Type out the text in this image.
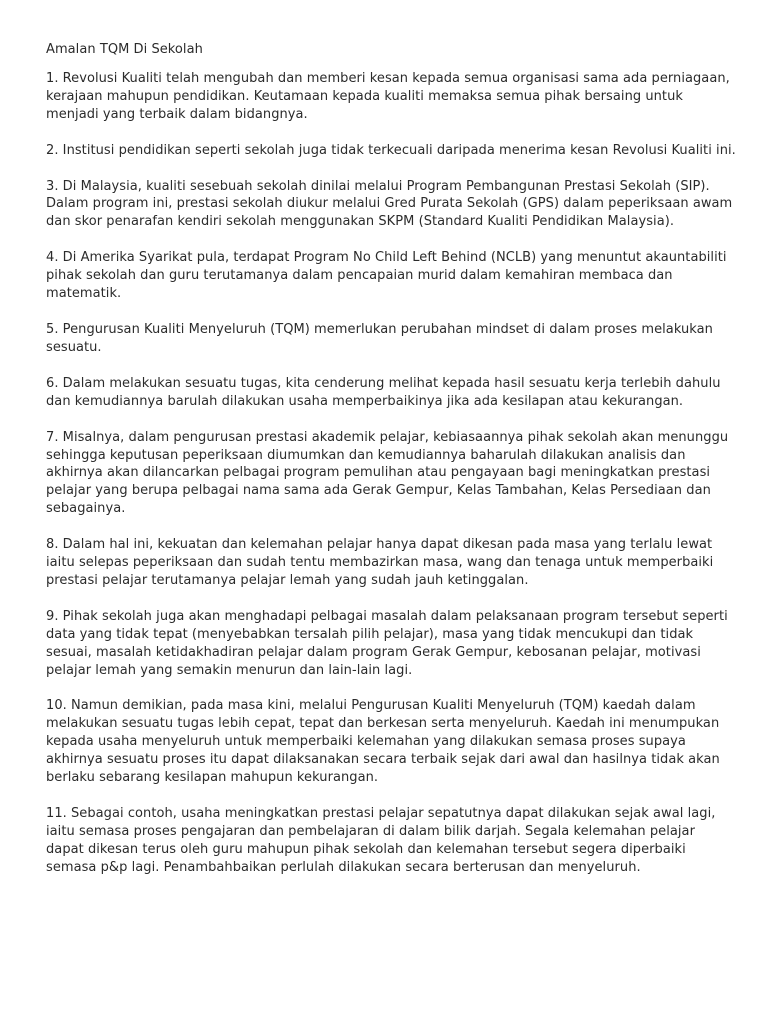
Amalan TQM Di Sekolah
1. Revolusi Kualiti telah mengubah dan memberi kesan kepada semua organisasi sama ada perniagaan, kerajaan mahupun pendidikan. Keutamaan kepada kualiti memaksa semua pihak bersaing untuk menjadi yang terbaik dalam bidangnya.
2. Institusi pendidikan seperti sekolah juga tidak terkecuali daripada menerima kesan Revolusi Kualiti ini.
3. Di Malaysia, kualiti sesebuah sekolah dinilai melalui Program Pembangunan Prestasi Sekolah (SIP). Dalam program ini, prestasi sekolah diukur melalui Gred Purata Sekolah (GPS) dalam peperiksaan awam dan skor penarafan kendiri sekolah menggunakan SKPM (Standard Kualiti Pendidikan Malaysia).
4. Di Amerika Syarikat pula, terdapat Program No Child Left Behind (NCLB) yang menuntut akauntabiliti pihak sekolah dan guru terutamanya dalam pencapaian murid dalam kemahiran membaca dan matematik.
5. Pengurusan Kualiti Menyeluruh (TQM) memerlukan perubahan mindset di dalam proses melakukan sesuatu.
6. Dalam melakukan sesuatu tugas, kita cenderung melihat kepada hasil sesuatu kerja terlebih dahulu dan kemudiannya barulah dilakukan usaha memperbaikinya jika ada kesilapan atau kekurangan.
7. Misalnya, dalam pengurusan prestasi akademik pelajar, kebiasaannya pihak sekolah akan menunggu sehingga keputusan peperiksaan diumumkan dan kemudiannya baharulah dilakukan analisis dan akhirnya akan dilancarkan pelbagai program pemulihan atau pengayaan bagi meningkatkan prestasi pelajar yang berupa pelbagai nama sama ada Gerak Gempur, Kelas Tambahan, Kelas Persediaan dan sebagainya.
8. Dalam hal ini, kekuatan dan kelemahan pelajar hanya dapat dikesan pada masa yang terlalu lewat iaitu selepas peperiksaan dan sudah tentu membazirkan masa, wang dan tenaga untuk memperbaiki prestasi pelajar terutamanya pelajar lemah yang sudah jauh ketinggalan.
9. Pihak sekolah juga akan menghadapi pelbagai masalah dalam pelaksanaan program tersebut seperti data yang tidak tepat (menyebabkan tersalah pilih pelajar), masa yang tidak mencukupi dan tidak sesuai, masalah ketidakhadiran pelajar dalam program Gerak Gempur, kebosanan pelajar, motivasi pelajar lemah yang semakin menurun dan lain-lain lagi.
10. Namun demikian, pada masa kini, melalui Pengurusan Kualiti Menyeluruh (TQM) kaedah dalam melakukan sesuatu tugas lebih cepat, tepat dan berkesan serta menyeluruh. Kaedah ini menumpukan kepada usaha menyeluruh untuk memperbaiki kelemahan yang dilakukan semasa proses supaya akhirnya sesuatu proses itu dapat dilaksanakan secara terbaik sejak dari awal dan hasilnya tidak akan berlaku sebarang kesilapan mahupun kekurangan.
11. Sebagai contoh, usaha meningkatkan prestasi pelajar sepatutnya dapat dilakukan sejak awal lagi, iaitu semasa proses pengajaran dan pembelajaran di dalam bilik darjah. Segala kelemahan pelajar dapat dikesan terus oleh guru mahupun pihak sekolah dan kelemahan tersebut segera diperbaiki semasa p&p lagi. Penambahbaikan perlulah dilakukan secara berterusan dan menyeluruh.
